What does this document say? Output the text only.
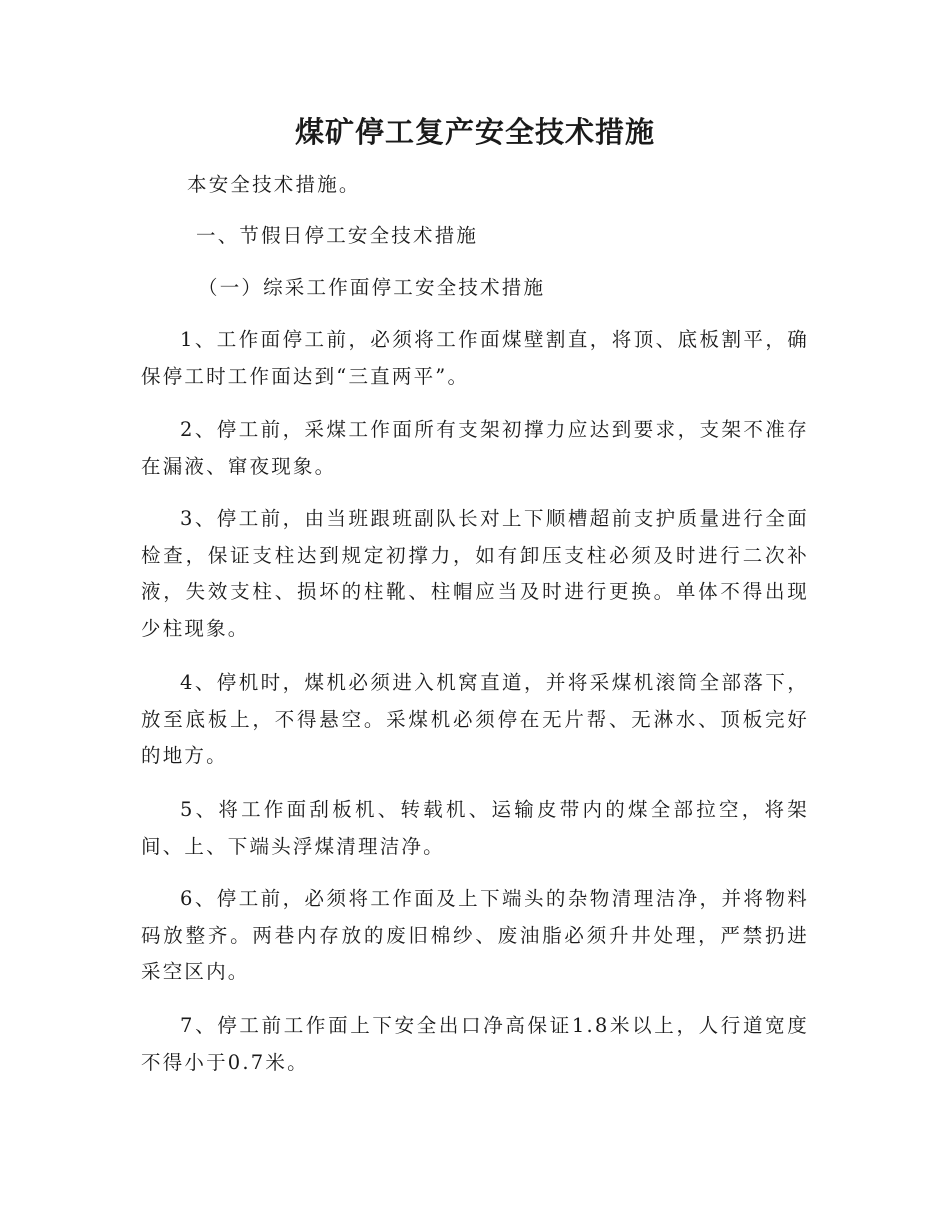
煤矿停工复产安全技术措施

本安全技术措施。

一、节假日停工安全技术措施

（一）综采工作面停工安全技术措施

1、工作面停工前，必须将工作面煤壁割直，将顶、底板割平，确保停工时工作面达到“三直两平”。

2、停工前，采煤工作面所有支架初撑力应达到要求，支架不准存在漏液、窜夜现象。

3、停工前，由当班跟班副队长对上下顺槽超前支护质量进行全面检查，保证支柱达到规定初撑力，如有卸压支柱必须及时进行二次补液，失效支柱、损坏的柱靴、柱帽应当及时进行更换。单体不得出现少柱现象。

4、停机时，煤机必须进入机窝直道，并将采煤机滚筒全部落下，放至底板上，不得悬空。采煤机必须停在无片帮、无淋水、顶板完好的地方。

5、将工作面刮板机、转载机、运输皮带内的煤全部拉空，将架间、上、下端头浮煤清理洁净。

6、停工前，必须将工作面及上下端头的杂物清理洁净，并将物料码放整齐。两巷内存放的废旧棉纱、废油脂必须升井处理，严禁扔进采空区内。

7、停工前工作面上下安全出口净高保证1.8米以上，人行道宽度不得小于0.7米。
